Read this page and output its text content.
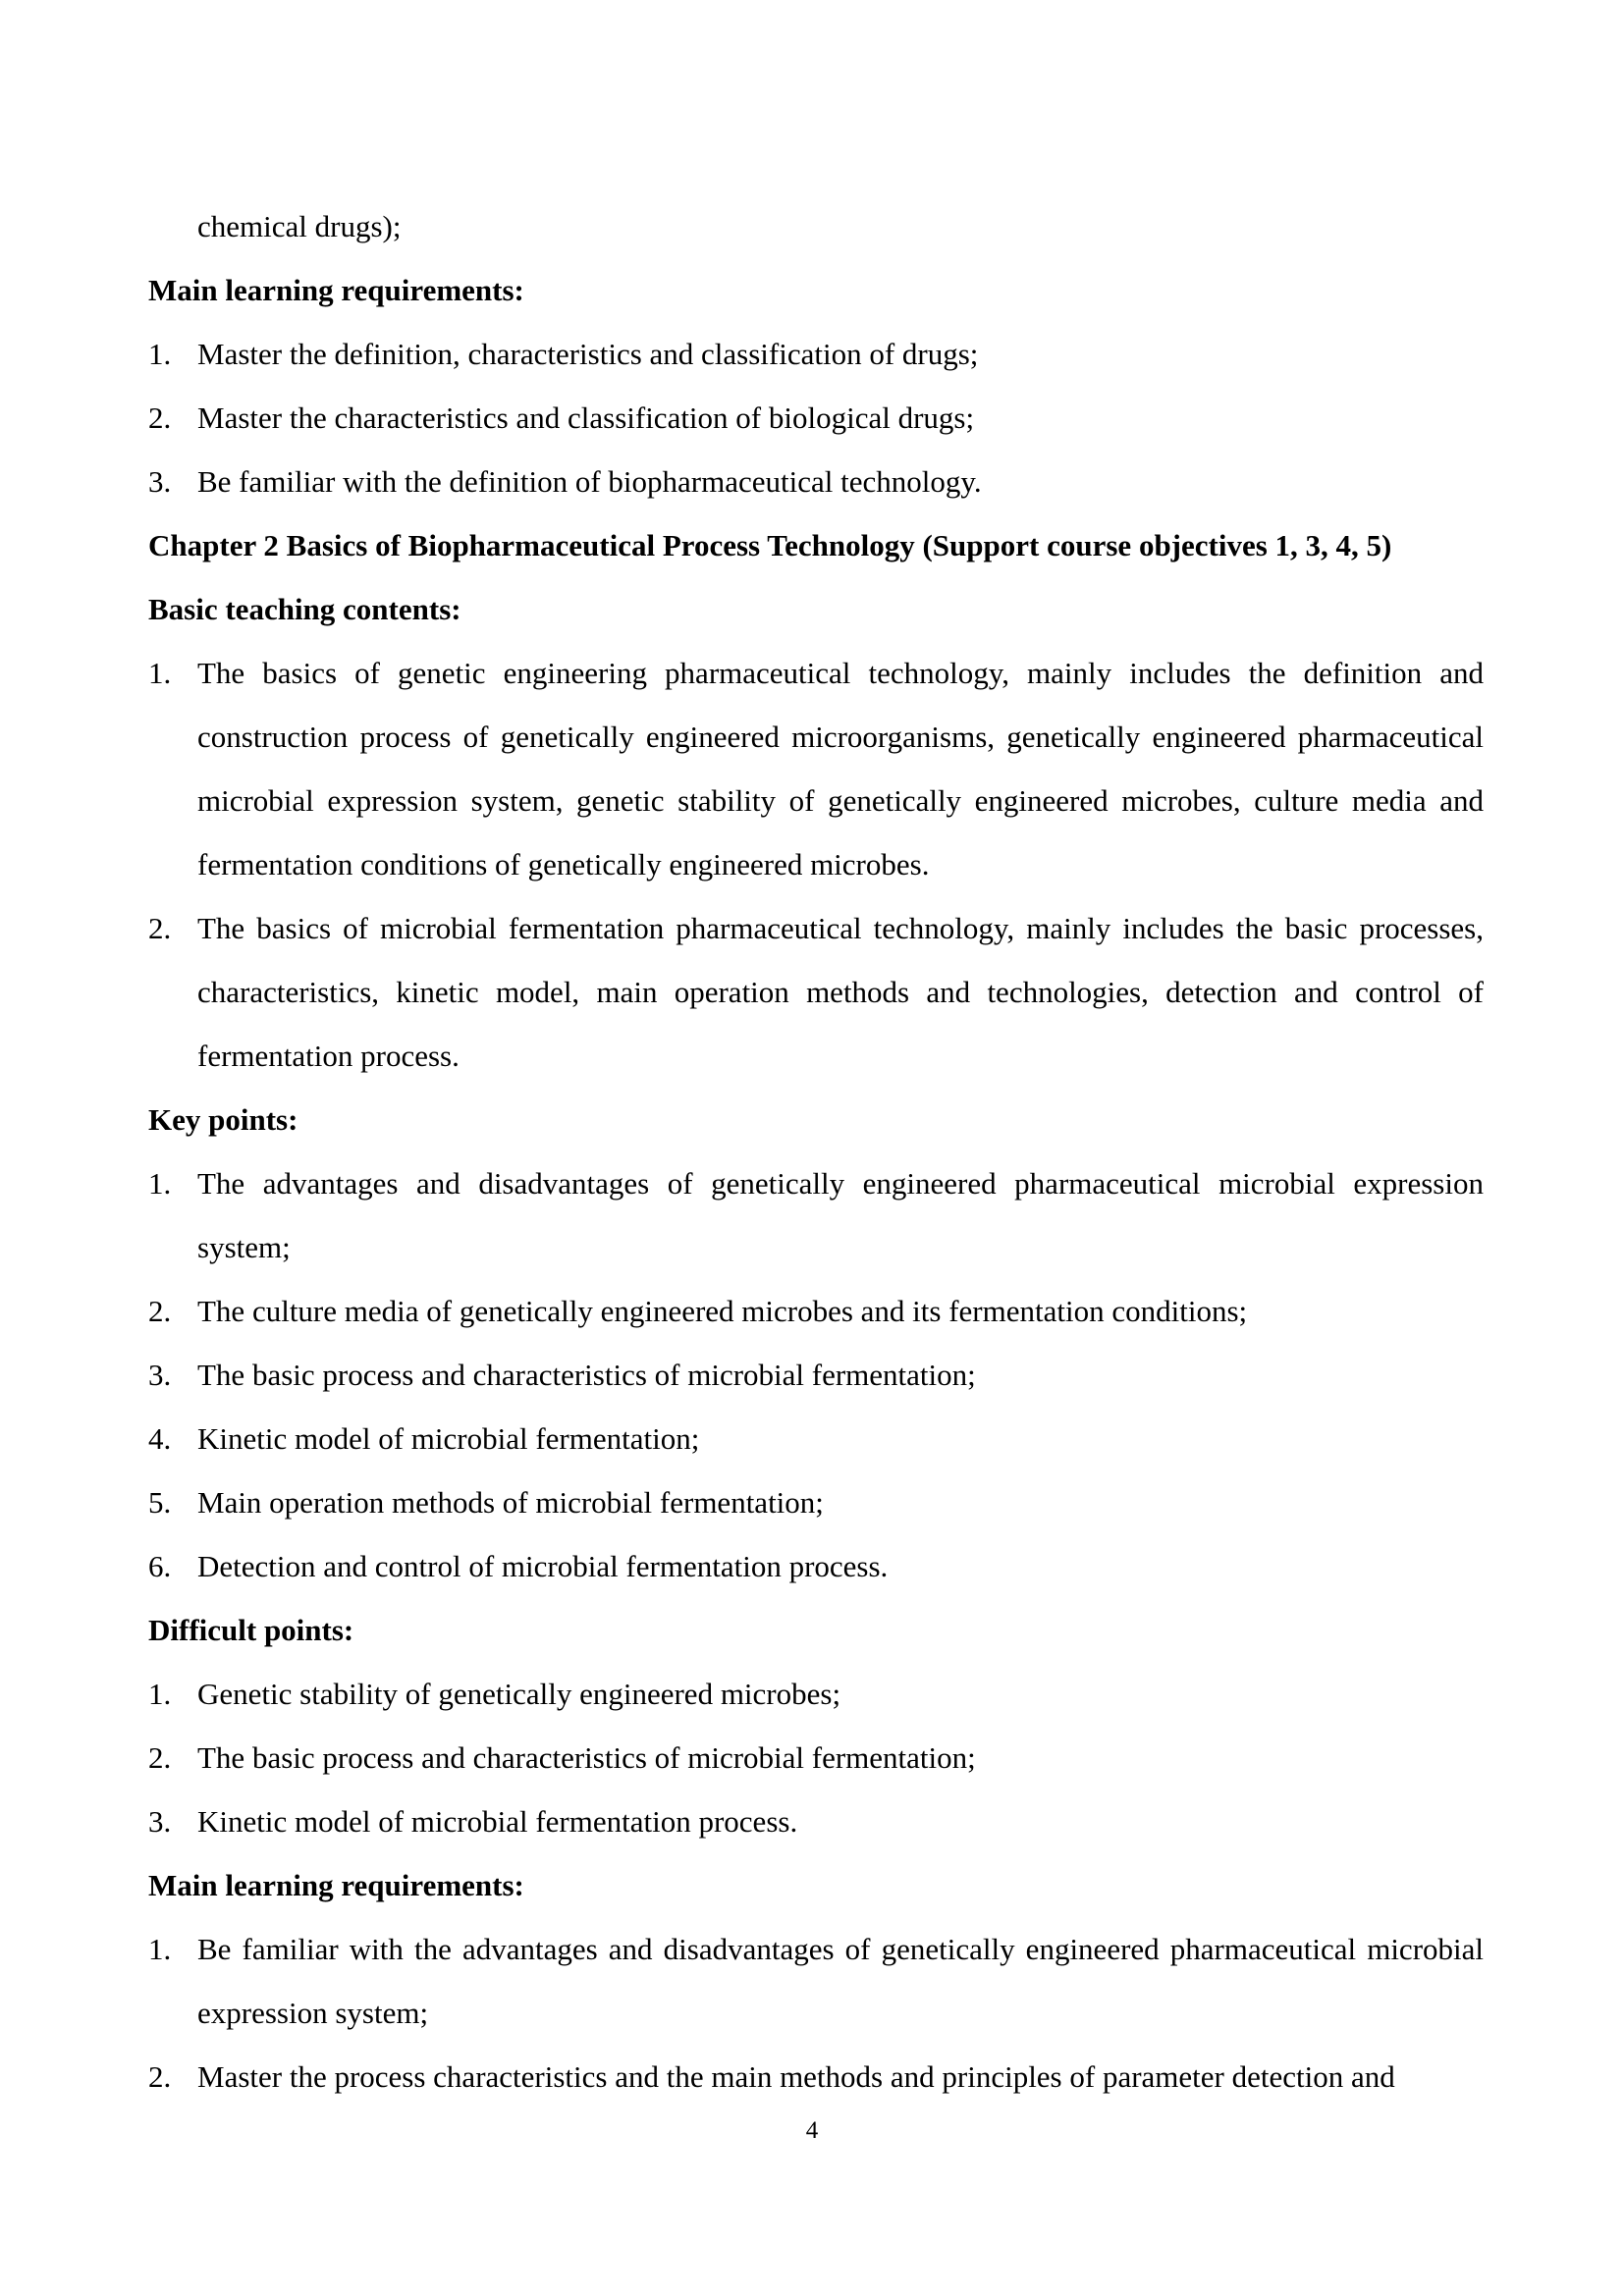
chemical drugs);

Main learning requirements:

1. Master the definition, characteristics and classification of drugs;
2. Master the characteristics and classification of biological drugs;
3. Be familiar with the definition of biopharmaceutical technology.

Chapter 2 Basics of Biopharmaceutical Process Technology (Support course objectives 1, 3, 4, 5)

Basic teaching contents:

1. The basics of genetic engineering pharmaceutical technology, mainly includes the definition and construction process of genetically engineered microorganisms, genetically engineered pharmaceutical microbial expression system, genetic stability of genetically engineered microbes, culture media and fermentation conditions of genetically engineered microbes.
2. The basics of microbial fermentation pharmaceutical technology, mainly includes the basic processes, characteristics, kinetic model, main operation methods and technologies, detection and control of fermentation process.

Key points:

1. The advantages and disadvantages of genetically engineered pharmaceutical microbial expression system;
2. The culture media of genetically engineered microbes and its fermentation conditions;
3. The basic process and characteristics of microbial fermentation;
4. Kinetic model of microbial fermentation;
5. Main operation methods of microbial fermentation;
6. Detection and control of microbial fermentation process.

Difficult points:

1. Genetic stability of genetically engineered microbes;
2. The basic process and characteristics of microbial fermentation;
3. Kinetic model of microbial fermentation process.

Main learning requirements:

1. Be familiar with the advantages and disadvantages of genetically engineered pharmaceutical microbial expression system;
2. Master the process characteristics and the main methods and principles of parameter detection and
4
